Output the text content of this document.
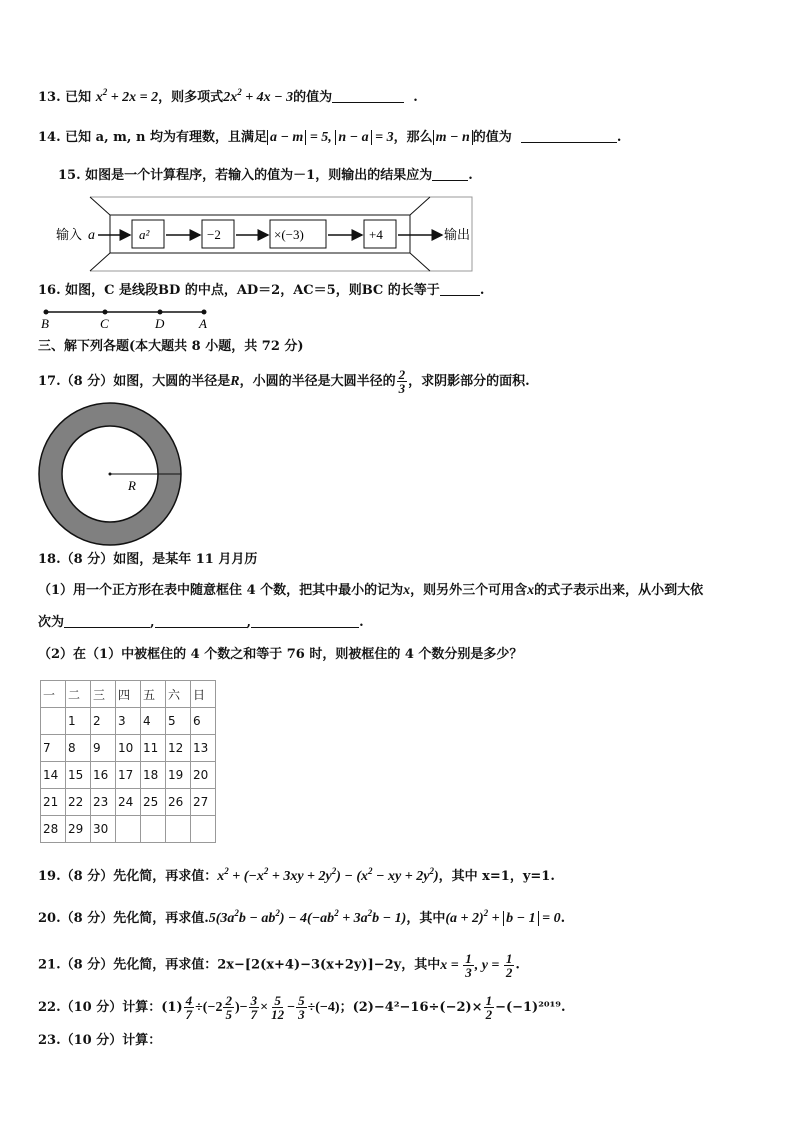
13. 已知 $x^2 + 2x = 2$，则多项式$2x^2 + 4x - 3$的值为	.
14. 已知 a, m, n 均为有理数，且满足 a − m = 5, n − a = 3，那么 m − n 的值为	.
15. 如图是一个计算程序，若输入的值为－1，则输出的结果应为	.
输入 a	a²	−2	×(−3)	+4	输出
16. 如图，C 是线段BD 的中点，AD＝2，AC＝5，则BC 的长等于	.
B	C	D	A
三、解下列各题(本大题共 8 小题，共 72 分)
17.（8 分）如图，大圆的半径是R，小圆的半径是大圆半径的 $\frac{2}{3}$ ，求阴影部分的面积.
R
18.（8 分）如图，是某年 11 月月历
（1）用一个正方形在表中随意框住 4 个数，把其中最小的记为x，则另外三个可用含x的式子表示出来，从小到大依
次为	,	,	.
（2）在（1）中被框住的 4 个数之和等于 76 时，则被框住的 4 个数分别是多少？
一	二	三	四	五	六	日
	1	2	3	4	5	6
7	8	9	10	11	12	13
14	15	16	17	18	19	20
21	22	23	24	25	26	27
28	29	30				
19.（8 分）先化简，再求值：$x^2 + (-x^2 + 3xy + 2y^2) - (x^2$ − xy + $2y^2$)，其中 x=1，y=1.
20.（8 分）先化简，再求值$.5(3a^2b - ab^2) - 4(-ab^2 + 3a^2b - 1)$，其中$(a + 2)^2 + b - 1 = 0$.
21.（8 分）先化简，再求值：2x−[2(x+4)−3(x+2y)]−2y，其中$x = \frac{1}{3}$ , $y = \frac{1}{2}$ .
22.（10 分）计算：$(1) \frac{4}{7} \div(-2 \frac{2}{5}$ )− $\frac{3}{7} \times \frac{5}{12} - \frac{5}{3} \div(-4)$；$(2)-4^2-16\div(-2)\times \frac{1}{2} -(-1)^{2019}$.
23.（10 分）计算：
